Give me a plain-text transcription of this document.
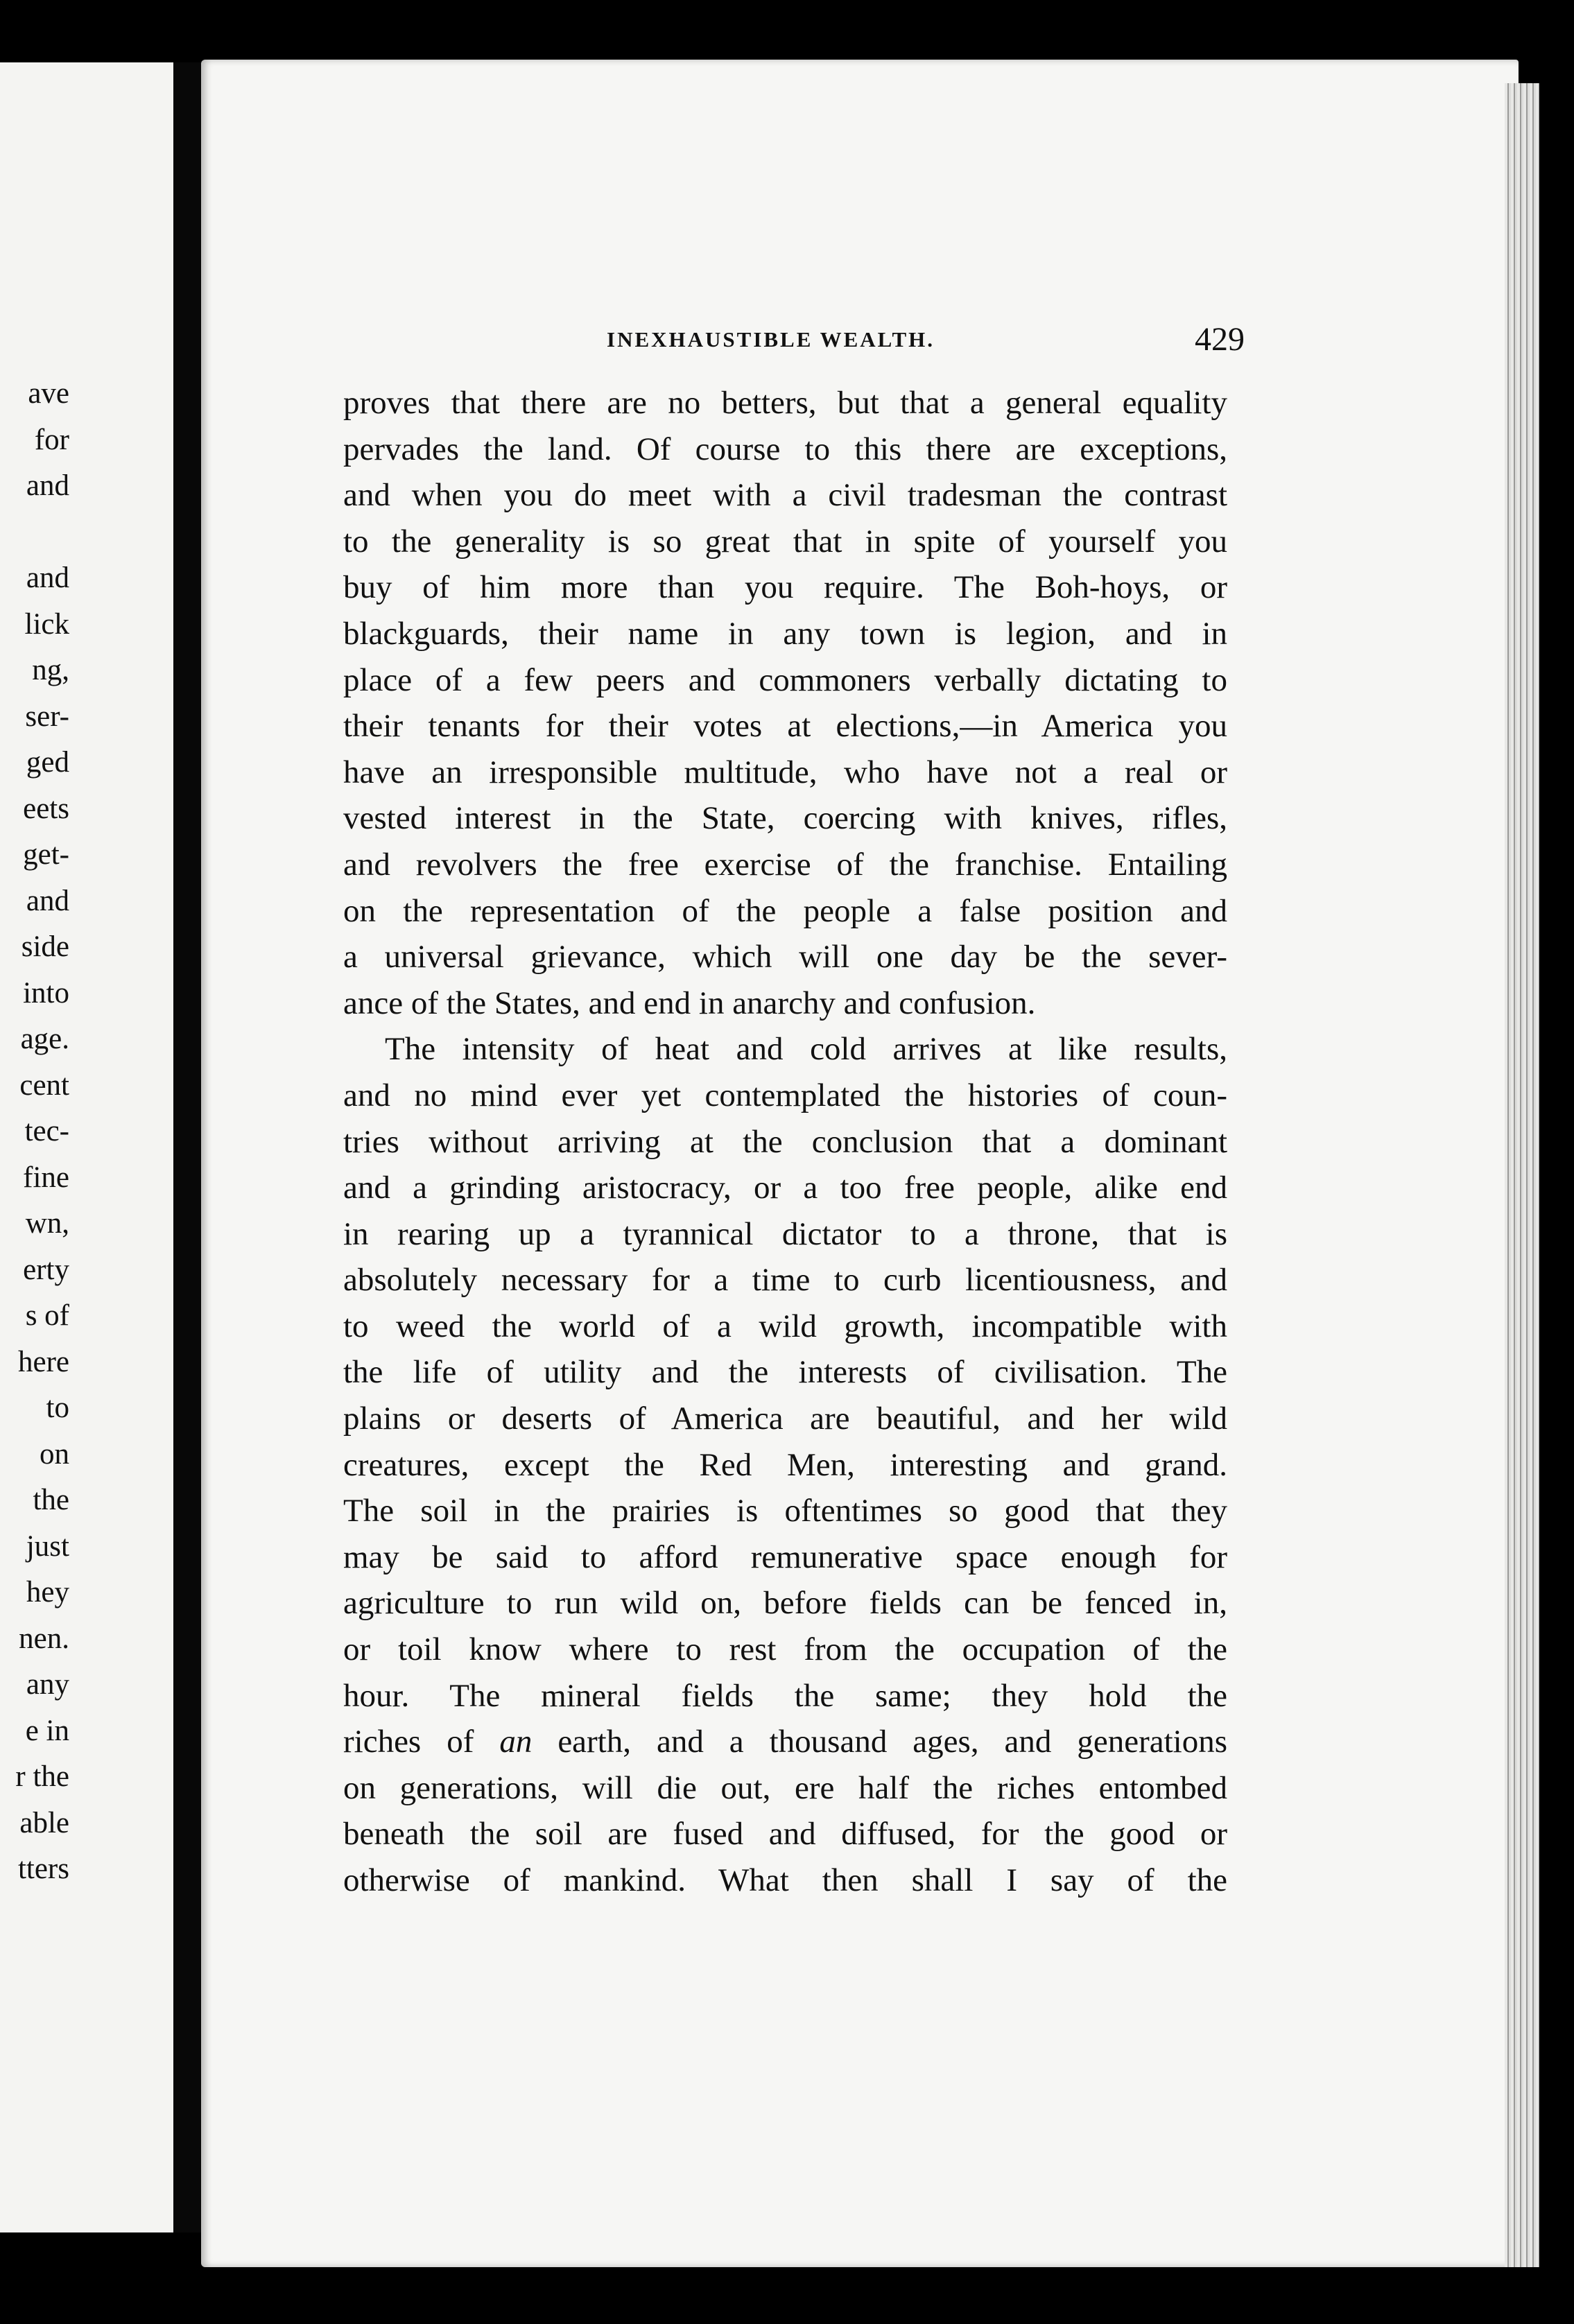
ave
for
and

and
lick
ng,
ser-
ged
eets
get-
and
side
into
age.
cent
tec-
fine
wn,
erty
s of
here
to
on
the
just
hey
nen.
any
e in
r the
able
tters
INEXHAUSTIBLE WEALTH.	429
proves that there are no betters, but that a general equality
pervades the land. Of course to this there are exceptions,
and when you do meet with a civil tradesman the contrast
to the generality is so great that in spite of yourself you
buy of him more than you require. The Boh-hoys, or
blackguards, their name in any town is legion, and in
place of a few peers and commoners verbally dictating to
their tenants for their votes at elections,—in America you
have an irresponsible multitude, who have not a real or
vested interest in the State, coercing with knives, rifles,
and revolvers the free exercise of the franchise. Entailing
on the representation of the people a false position and
a universal grievance, which will one day be the sever-
ance of the States, and end in anarchy and confusion.
The intensity of heat and cold arrives at like results,
and no mind ever yet contemplated the histories of coun-
tries without arriving at the conclusion that a dominant
and a grinding aristocracy, or a too free people, alike end
in rearing up a tyrannical dictator to a throne, that is
absolutely necessary for a time to curb licentiousness, and
to weed the world of a wild growth, incompatible with
the life of utility and the interests of civilisation. The
plains or deserts of America are beautiful, and her wild
creatures, except the Red Men, interesting and grand.
The soil in the prairies is oftentimes so good that they
may be said to afford remunerative space enough for
agriculture to run wild on, before fields can be fenced in,
or toil know where to rest from the occupation of the
hour. The mineral fields the same; they hold the
riches of an earth, and a thousand ages, and generations
on generations, will die out, ere half the riches entombed
beneath the soil are fused and diffused, for the good or
otherwise of mankind. What then shall I say of the
